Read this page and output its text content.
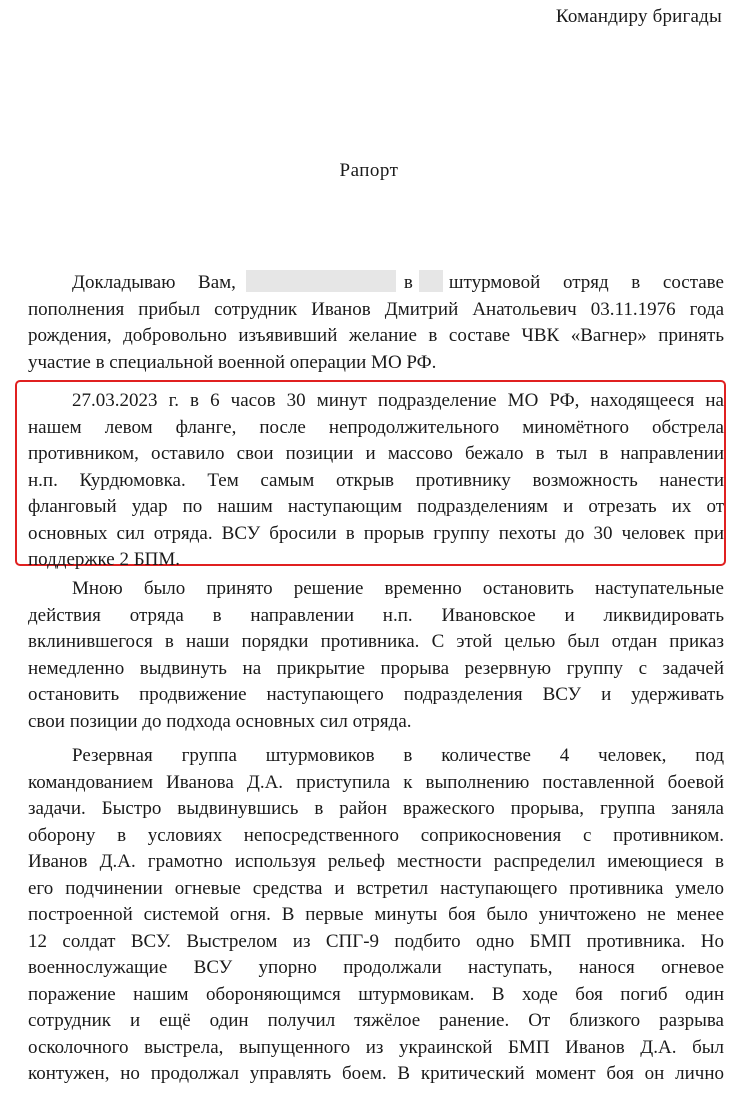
Командиру бригады
Рапорт
Докладываю Вам,	в штурмовой отряд в составе
пополнения прибыл сотрудник Иванов Дмитрий Анатольевич 03.11.1976 года
рождения, добровольно изъявивший желание в составе ЧВК «Вагнер» принять
участие в специальной военной операции МО РФ.
27.03.2023 г. в 6 часов 30 минут подразделение МО РФ, находящееся на
нашем левом фланге, после непродолжительного миномётного обстрела
противником, оставило свои позиции и массово бежало в тыл в направлении
н.п. Курдюмовка. Тем самым открыв противнику возможность нанести
фланговый удар по нашим наступающим подразделениям и отрезать их от
основных сил отряда. ВСУ бросили в прорыв группу пехоты до 30 человек при
поддержке 2 БПМ.
Мною было принято решение временно остановить наступательные
действия отряда в направлении н.п. Ивановское и ликвидировать
вклинившегося в наши порядки противника. С этой целью был отдан приказ
немедленно выдвинуть на прикрытие прорыва резервную группу с задачей
остановить продвижение наступающего подразделения ВСУ и удерживать
свои позиции до подхода основных сил отряда.
Резервная группа штурмовиков в количестве 4 человек, под
командованием Иванова Д.А. приступила к выполнению поставленной боевой
задачи. Быстро выдвинувшись в район вражеского прорыва, группа заняла
оборону в условиях непосредственного соприкосновения с противником.
Иванов Д.А. грамотно используя рельеф местности распределил имеющиеся в
его подчинении огневые средства и встретил наступающего противника умело
построенной системой огня. В первые минуты боя было уничтожено не менее
12 солдат ВСУ. Выстрелом из СПГ-9 подбито одно БМП противника. Но
военнослужащие ВСУ упорно продолжали наступать, нанося огневое
поражение нашим обороняющимся штурмовикам. В ходе боя погиб один
сотрудник и ещё один получил тяжёлое ранение. От близкого разрыва
осколочного выстрела, выпущенного из украинской БМП Иванов Д.А. был
контужен, но продолжал управлять боем. В критический момент боя он лично
